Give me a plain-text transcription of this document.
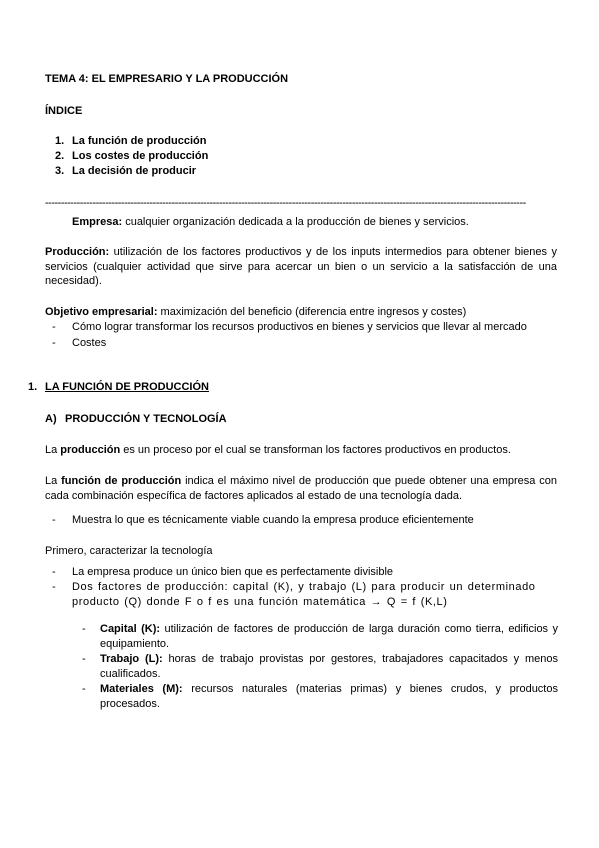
TEMA 4: EL EMPRESARIO Y LA PRODUCCIÓN
ÍNDICE
1. La función de producción
2. Los costes de producción
3. La decisión de producir
--------------------------------------------------------------------------------------------------------------------------------------------------------
Empresa: cualquier organización dedicada a la producción de bienes y servicios.
Producción: utilización de los factores productivos y de los inputs intermedios para obtener bienes y servicios (cualquier actividad que sirve para acercar un bien o un servicio a la satisfacción de una necesidad).
Objetivo empresarial: maximización del beneficio (diferencia entre ingresos y costes)
- Cómo lograr transformar los recursos productivos en bienes y servicios que llevar al mercado
- Costes
1. LA FUNCIÓN DE PRODUCCIÓN
A) PRODUCCIÓN Y TECNOLOGÍA
La producción es un proceso por el cual se transforman los factores productivos en productos.
La función de producción indica el máximo nivel de producción que puede obtener una empresa con cada combinación específica de factores aplicados al estado de una tecnología dada.
- Muestra lo que es técnicamente viable cuando la empresa produce eficientemente
Primero, caracterizar la tecnología
- La empresa produce un único bien que es perfectamente divisible
- Dos factores de producción: capital (K), y trabajo (L) para producir un determinado
producto (Q) donde F o f es una función matemática → Q = f (K,L)
- Capital (K): utilización de factores de producción de larga duración como tierra, edificios y equipamiento.
- Trabajo (L): horas de trabajo provistas por gestores, trabajadores capacitados y menos cualificados.
- Materiales (M): recursos naturales (materias primas) y bienes crudos, y productos procesados.
